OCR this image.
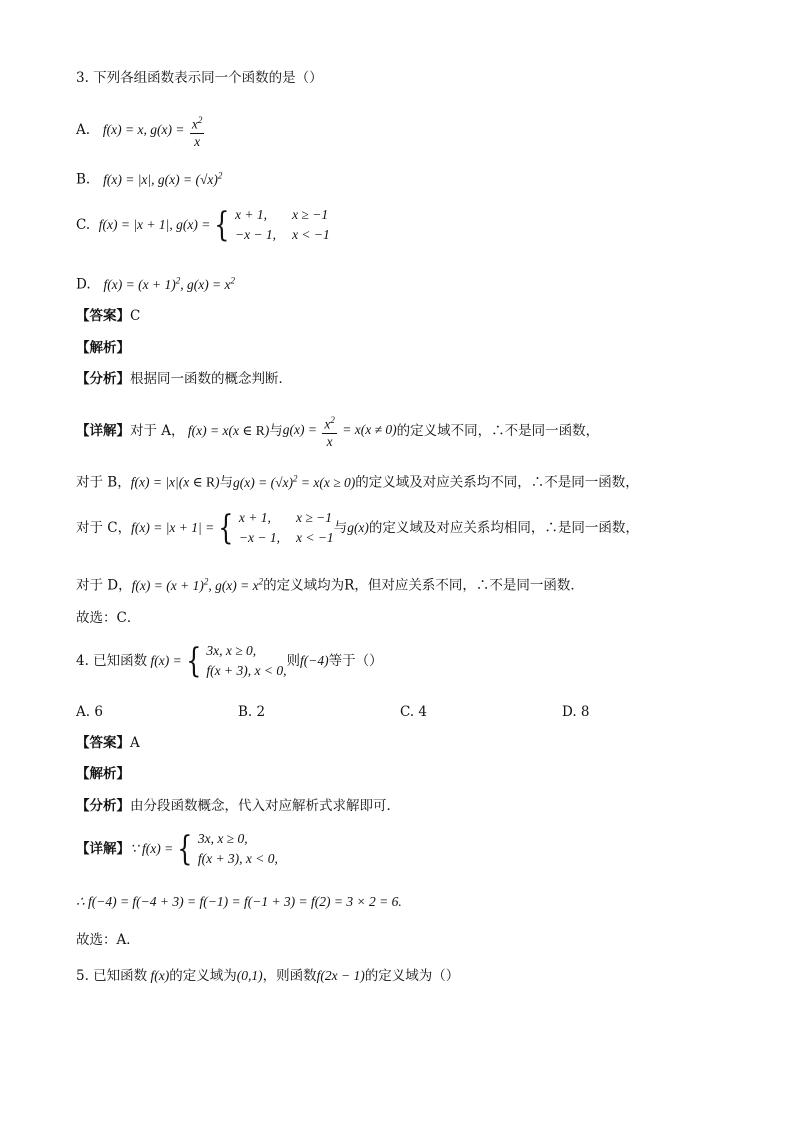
3. 下列各组函数表示同一个函数的是（）
A. f(x) = x, $g(x) = \frac{x^2}{x}$
B. f(x) = |x|, $g(x) = (√x)^2$
C.
f(x) = |x + 1|, g(x) = { x + 1,	x ≥ −1
−x − 1, x < −1
D. $f(x) = (x + 1)^2$, $g(x) = x^2$
【答案】C
【解析】
【分析】根据同一函数的概念判断．
【详解】 对于 A， f(x) = x(x ∈ R) 与 $g(x) = \frac{x^2}{x} = x(x \ne 0)$ 的定义域不同，∴不是同一函数，
对于 B，f(x) = |x|(x ∈ R)与$g(x) = (√x)^2 = x(x \ge 0)$的定义域及对应关系均不同，∴不是同一函数，
对于 C， f(x) = |x + 1| = { x + 1,	x ≥ −1
−x − 1, x < −1
与 g(x) 的定义域及对应关系均相同，∴是同一函数，
对于 D，$f(x) = (x + 1)^2$, $g(x) = x^2$的定义域均为R，但对应关系不同，∴不是同一函数．
故选：C．
4. 已知函数 f(x) = { 3x, x ≥ 0,
f(x + 3), x < 0,
则 f(−4) 等于（）
A. 6	B. 2	C. 4	D. 8
【答案】A
【解析】
【分析】由分段函数概念，代入对应解析式求解即可．
【详解】 ∵ f(x) = { 3x, x ≥ 0,
f(x + 3), x < 0,
∴ f(−4) = f(−4 + 3) = f(−1) = f(−1 + 3) = f(2) = 3 × 2 = 6.
故选：A．
5. 已知函数 f(x)的定义域为(0,1)，则函数f(2x − 1)的定义域为（）
